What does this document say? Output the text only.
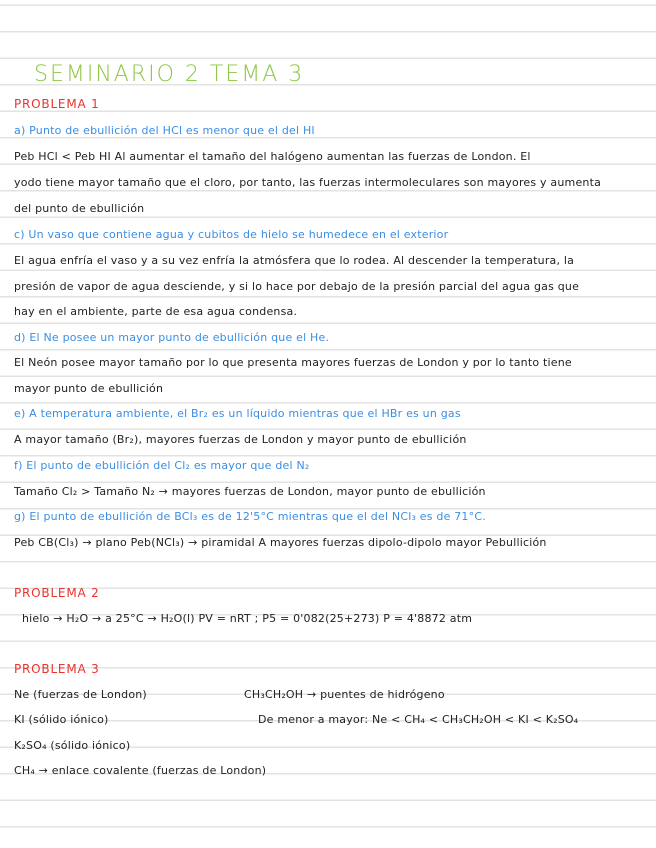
SEMINARIO 2 TEMA 3
PROBLEMA 1
a) Punto de ebullición del HCl es menor que el del HI
Peb HCl < Peb HI Al aumentar el tamaño del halógeno aumentan las fuerzas de London. El
yodo tiene mayor tamaño que el cloro, por tanto, las fuerzas intermoleculares son mayores y aumenta
del punto de ebullición
c) Un vaso que contiene agua y cubitos de hielo se humedece en el exterior
El agua enfría el vaso y a su vez enfría la atmósfera que lo rodea. Al descender la temperatura, la
presión de vapor de agua desciende, y si lo hace por debajo de la presión parcial del agua gas que
hay en el ambiente, parte de esa agua condensa.
d) El Ne posee un mayor punto de ebullición que el He.
El Neón posee mayor tamaño por lo que presenta mayores fuerzas de London y por lo tanto tiene
mayor punto de ebullición
e) A temperatura ambiente, el Br₂ es un líquido mientras que el HBr es un gas
A mayor tamaño (Br₂), mayores fuerzas de London y mayor punto de ebullición
f) El punto de ebullición del Cl₂ es mayor que del N₂
Tamaño Cl₂ > Tamaño N₂ → mayores fuerzas de London, mayor punto de ebullición
g) El punto de ebullición de BCl₃ es de 12'5°C mientras que el del NCl₃ es de 71°C.
Peb CB(Cl₃) → plano Peb(NCl₃) → piramidal A mayores fuerzas dipolo-dipolo mayor Pebullición
PROBLEMA 2
hielo → H₂O → a 25°C → H₂O(l) PV = nRT ; P5 = 0'082(25+273) P = 4'8872 atm
PROBLEMA 3
Ne (fuerzas de London)	CH₃CH₂OH → puentes de hidrógeno
KI (sólido iónico)	De menor a mayor: Ne < CH₄ < CH₃CH₂OH < KI < K₂SO₄
K₂SO₄ (sólido iónico)
CH₄ → enlace covalente (fuerzas de London)
